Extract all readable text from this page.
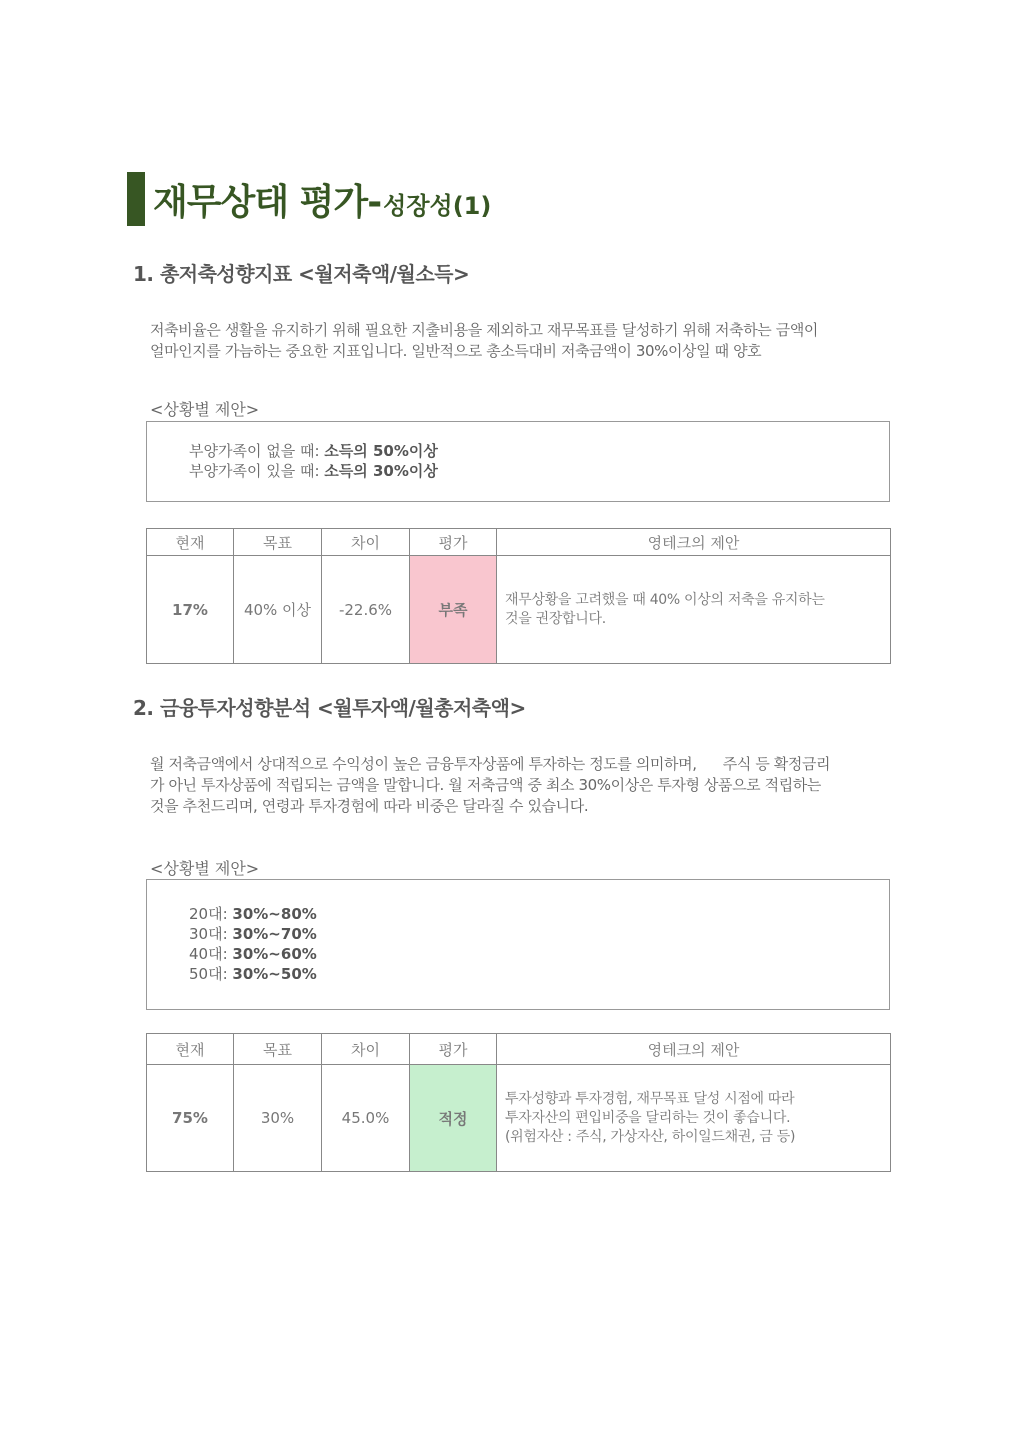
재무상태 평가- 성장성(1)
1. 총저축성향지표 <월저축액/월소득>

저축비율은 생활을 유지하기 위해 필요한 지출비용을 제외하고 재무목표를 달성하기 위해 저축하는 금액이

얼마인지를 가늠하는 중요한 지표입니다. 일반적으로 총소득대비 저축금액이 30%이상일 때 양호

<상황별 제안>
부양가족이 없을 때: 소득의 50%이상
부양가족이 있을 때: 소득의 30%이상
현재	목표	차이	평가	영테크의 제안
17%	40% 이상	-22.6%	부족	재무상황을 고려했을 때 40% 이상의 저축을 유지하는
것을 권장합니다.
2. 금융투자성향분석 <월투자액/월총저축액>

월 저축금액에서 상대적으로 수익성이 높은 금융투자상품에 투자하는 정도를 의미하며,      주식 등 확정금리

가 아닌 투자상품에 적립되는 금액을 말합니다. 월 저축금액 중 최소 30%이상은 투자형 상품으로 적립하는

것을 추천드리며, 연령과 투자경험에 따라 비중은 달라질 수 있습니다.

<상황별 제안>
20대: 30%~80%
30대: 30%~70%
40대: 30%~60%
50대: 30%~50%
현재	목표	차이	평가	영테크의 제안
75%	30%	45.0%	적정	투자성향과 투자경험, 재무목표 달성 시점에 따라
투자자산의 편입비중을 달리하는 것이 좋습니다.
(위험자산 : 주식, 가상자산, 하이일드채권, 금 등)
